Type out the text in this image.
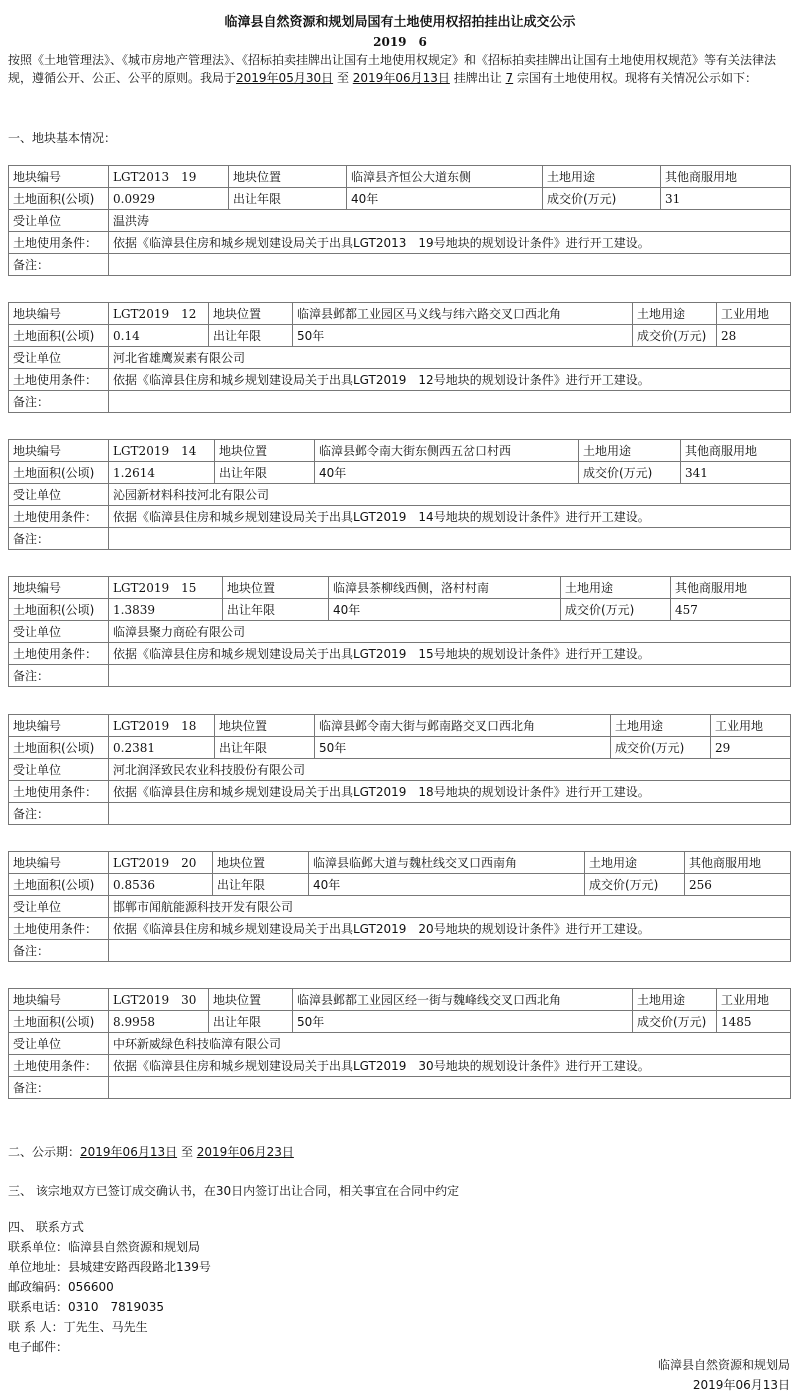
临漳县自然资源和规划局国有土地使用权招拍挂出让成交公示
2019　6
按照《土地管理法》、《城市房地产管理法》、《招标拍卖挂牌出让国有土地使用权规定》和《招标拍卖挂牌出让国有土地使用权规范》等有关法律法规，遵循公开、公正、公平的原则。我局于2019年05月30日 至 2019年06月13日 挂牌出让 7 宗国有土地使用权。现将有关情况公示如下：
一、地块基本情况：
地块编号	LGT2013　19	地块位置	临漳县齐恒公大道东侧	土地用途	其他商服用地
土地面积(公顷)	0.0929	出让年限	40年	成交价(万元)	31
受让单位	温洪涛				
土地使用条件：	依据《临漳县住房和城乡规划建设局关于出具LGT2013　19号地块的规划设计条件》进行开工建设。				
备注：					
地块编号	LGT2019　12	地块位置	临漳县邺都工业园区马义线与纬六路交叉口西北角	土地用途	工业用地
土地面积(公顷)	0.14	出让年限	50年	成交价(万元)	28
受让单位	河北省雄鹰炭素有限公司				
土地使用条件：	依据《临漳县住房和城乡规划建设局关于出具LGT2019　12号地块的规划设计条件》进行开工建设。				
备注：					
地块编号	LGT2019　14	地块位置	临漳县邺令南大街东侧西五岔口村西	土地用途	其他商服用地
土地面积(公顷)	1.2614	出让年限	40年	成交价(万元)	341
受让单位	沁园新材料科技河北有限公司				
土地使用条件：	依据《临漳县住房和城乡规划建设局关于出具LGT2019　14号地块的规划设计条件》进行开工建设。				
备注：					
地块编号	LGT2019　15	地块位置	临漳县茶柳线西侧，洛村村南	土地用途	其他商服用地
土地面积(公顷)	1.3839	出让年限	40年	成交价(万元)	457
受让单位	临漳县聚力商砼有限公司				
土地使用条件：	依据《临漳县住房和城乡规划建设局关于出具LGT2019　15号地块的规划设计条件》进行开工建设。				
备注：					
地块编号	LGT2019　18	地块位置	临漳县邺令南大街与邺南路交叉口西北角	土地用途	工业用地
土地面积(公顷)	0.2381	出让年限	50年	成交价(万元)	29
受让单位	河北润泽致民农业科技股份有限公司				
土地使用条件：	依据《临漳县住房和城乡规划建设局关于出具LGT2019　18号地块的规划设计条件》进行开工建设。				
备注：					
地块编号	LGT2019　20	地块位置	临漳县临邺大道与魏杜线交叉口西南角	土地用途	其他商服用地
土地面积(公顷)	0.8536	出让年限	40年	成交价(万元)	256
受让单位	邯郸市闻航能源科技开发有限公司				
土地使用条件：	依据《临漳县住房和城乡规划建设局关于出具LGT2019　20号地块的规划设计条件》进行开工建设。				
备注：					
地块编号	LGT2019　30	地块位置	临漳县邺都工业园区经一街与魏峰线交叉口西北角	土地用途	工业用地
土地面积(公顷)	8.9958	出让年限	50年	成交价(万元)	1485
受让单位	中环新威绿色科技临漳有限公司				
土地使用条件：	依据《临漳县住房和城乡规划建设局关于出具LGT2019　30号地块的规划设计条件》进行开工建设。				
备注：					
二、公示期：2019年06月13日 至 2019年06月23日
三、 该宗地双方已签订成交确认书，在30日内签订出让合同，相关事宜在合同中约定
四、 联系方式
联系单位：临漳县自然资源和规划局
单位地址：县城建安路西段路北139号
邮政编码：056600
联系电话：0310　7819035
联 系 人：丁先生、马先生
电子邮件：
临漳县自然资源和规划局
2019年06月13日
